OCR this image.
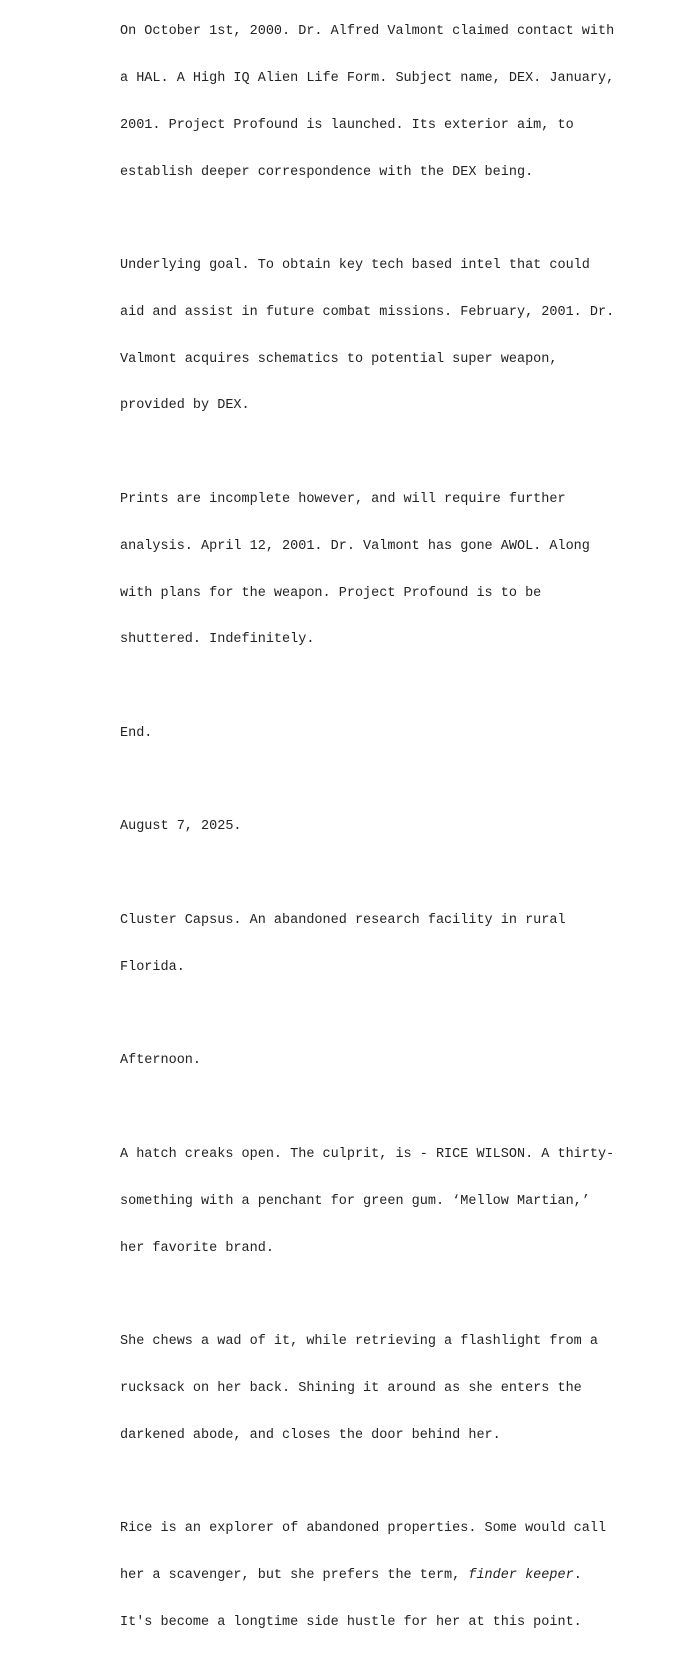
On October 1st, 2000. Dr. Alfred Valmont claimed contact with

a HAL. A High IQ Alien Life Form. Subject name, DEX. January,

2001. Project Profound is launched. Its exterior aim, to

establish deeper correspondence with the DEX being.

Underlying goal. To obtain key tech based intel that could

aid and assist in future combat missions. February, 2001. Dr.

Valmont acquires schematics to potential super weapon,

provided by DEX.

Prints are incomplete however, and will require further

analysis. April 12, 2001. Dr. Valmont has gone AWOL. Along

with plans for the weapon. Project Profound is to be

shuttered. Indefinitely.

End.

August 7, 2025.

Cluster Capsus. An abandoned research facility in rural

Florida.

Afternoon.

A hatch creaks open. The culprit, is - RICE WILSON. A thirty-

something with a penchant for green gum. ‘Mellow Martian,’

her favorite brand.

She chews a wad of it, while retrieving a flashlight from a

rucksack on her back. Shining it around as she enters the

darkened abode, and closes the door behind her.

Rice is an explorer of abandoned properties. Some would call

her a scavenger, but she prefers the term, finder keeper.

It's become a longtime side hustle for her at this point.
